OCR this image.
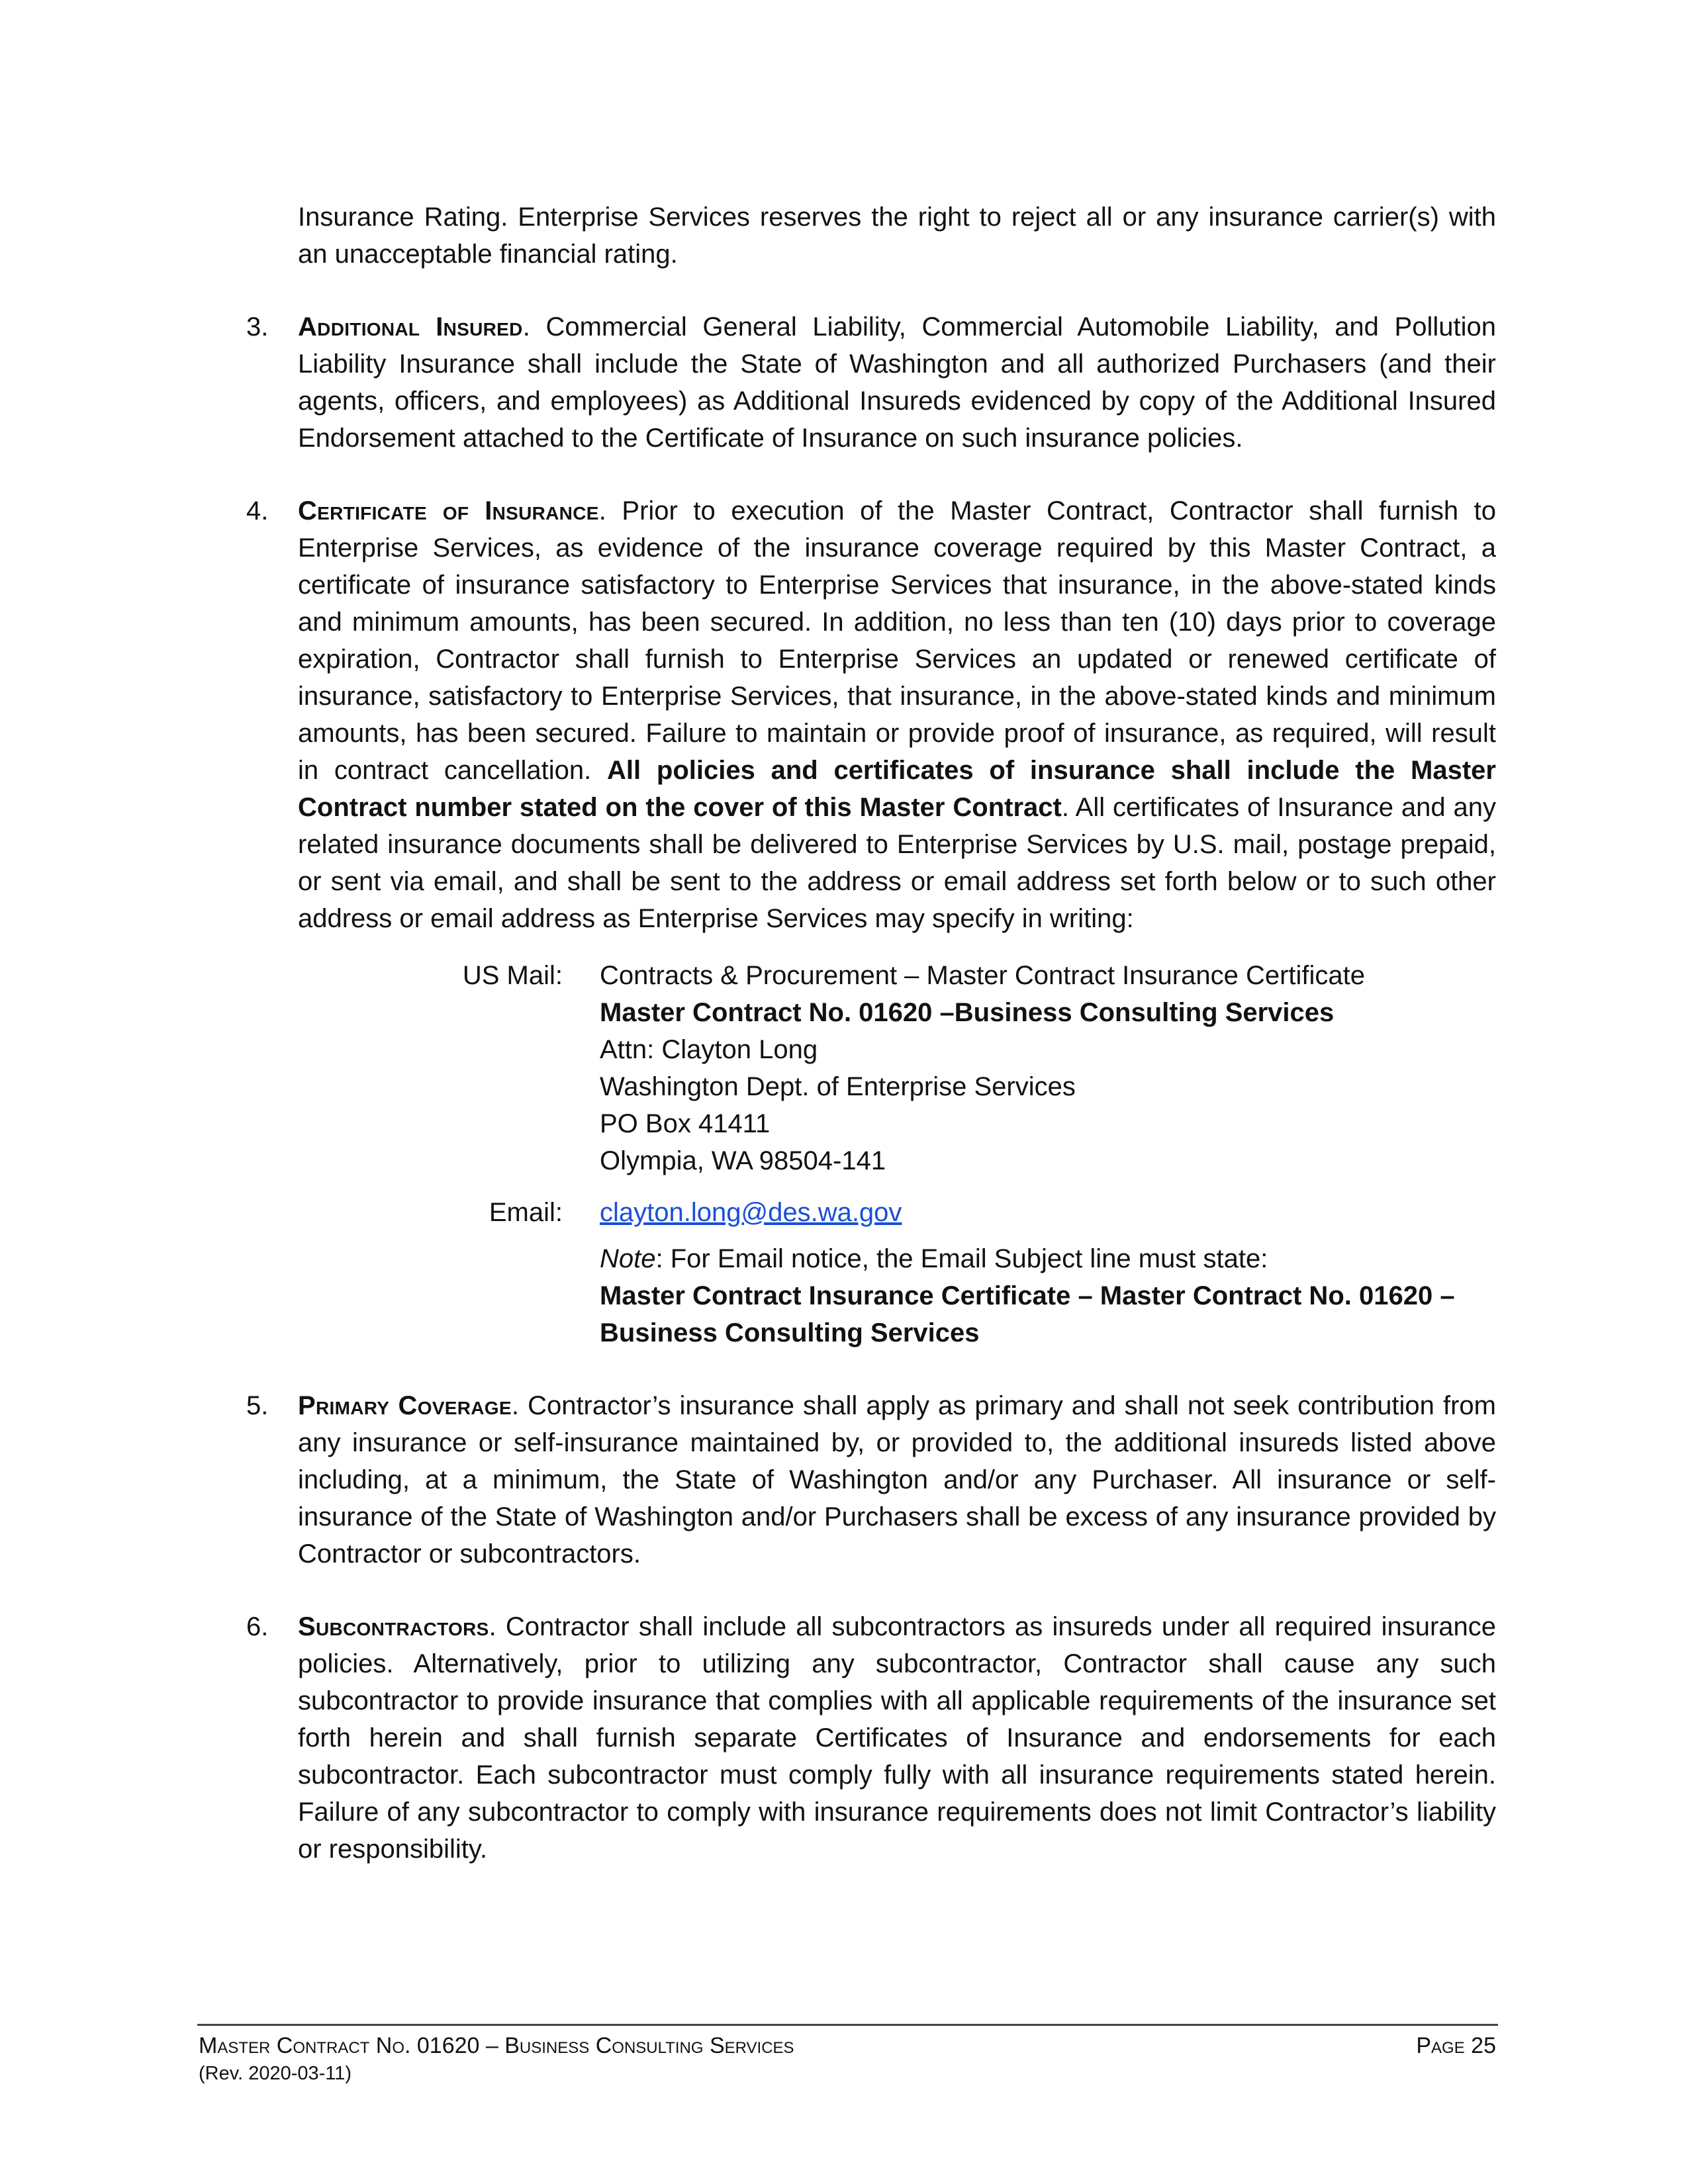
Insurance Rating. Enterprise Services reserves the right to reject all or any insurance carrier(s) with an unacceptable financial rating.

3. Additional Insured. Commercial General Liability, Commercial Automobile Liability, and Pollution Liability Insurance shall include the State of Washington and all authorized Purchasers (and their agents, officers, and employees) as Additional Insureds evidenced by copy of the Additional Insured Endorsement attached to the Certificate of Insurance on such insurance policies.

4. Certificate of Insurance. Prior to execution of the Master Contract, Contractor shall furnish to Enterprise Services, as evidence of the insurance coverage required by this Master Contract, a certificate of insurance satisfactory to Enterprise Services that insurance, in the above-stated kinds and minimum amounts, has been secured. In addition, no less than ten (10) days prior to coverage expiration, Contractor shall furnish to Enterprise Services an updated or renewed certificate of insurance, satisfactory to Enterprise Services, that insurance, in the above-stated kinds and minimum amounts, has been secured. Failure to maintain or provide proof of insurance, as required, will result in contract cancellation. All policies and certificates of insurance shall include the Master Contract number stated on the cover of this Master Contract. All certificates of Insurance and any related insurance documents shall be delivered to Enterprise Services by U.S. mail, postage prepaid, or sent via email, and shall be sent to the address or email address set forth below or to such other address or email address as Enterprise Services may specify in writing:

US Mail: Contracts & Procurement – Master Contract Insurance Certificate
Master Contract No. 01620 –Business Consulting Services
Attn: Clayton Long
Washington Dept. of Enterprise Services
PO Box 41411
Olympia, WA 98504-141
Email: clayton.long@des.wa.gov
Note: For Email notice, the Email Subject line must state:
Master Contract Insurance Certificate – Master Contract No. 01620 –
Business Consulting Services
5. Primary Coverage. Contractor’s insurance shall apply as primary and shall not seek contribution from any insurance or self-insurance maintained by, or provided to, the additional insureds listed above including, at a minimum, the State of Washington and/or any Purchaser. All insurance or self-insurance of the State of Washington and/or Purchasers shall be excess of any insurance provided by Contractor or subcontractors.

6. Subcontractors. Contractor shall include all subcontractors as insureds under all required insurance policies. Alternatively, prior to utilizing any subcontractor, Contractor shall cause any such subcontractor to provide insurance that complies with all applicable requirements of the insurance set forth herein and shall furnish separate Certificates of Insurance and endorsements for each subcontractor. Each subcontractor must comply fully with all insurance requirements stated herein. Failure of any subcontractor to comply with insurance requirements does not limit Contractor’s liability or responsibility.

Master Contract No. 01620 – Business Consulting Services
(Rev. 2020-03-11)
Page 25
